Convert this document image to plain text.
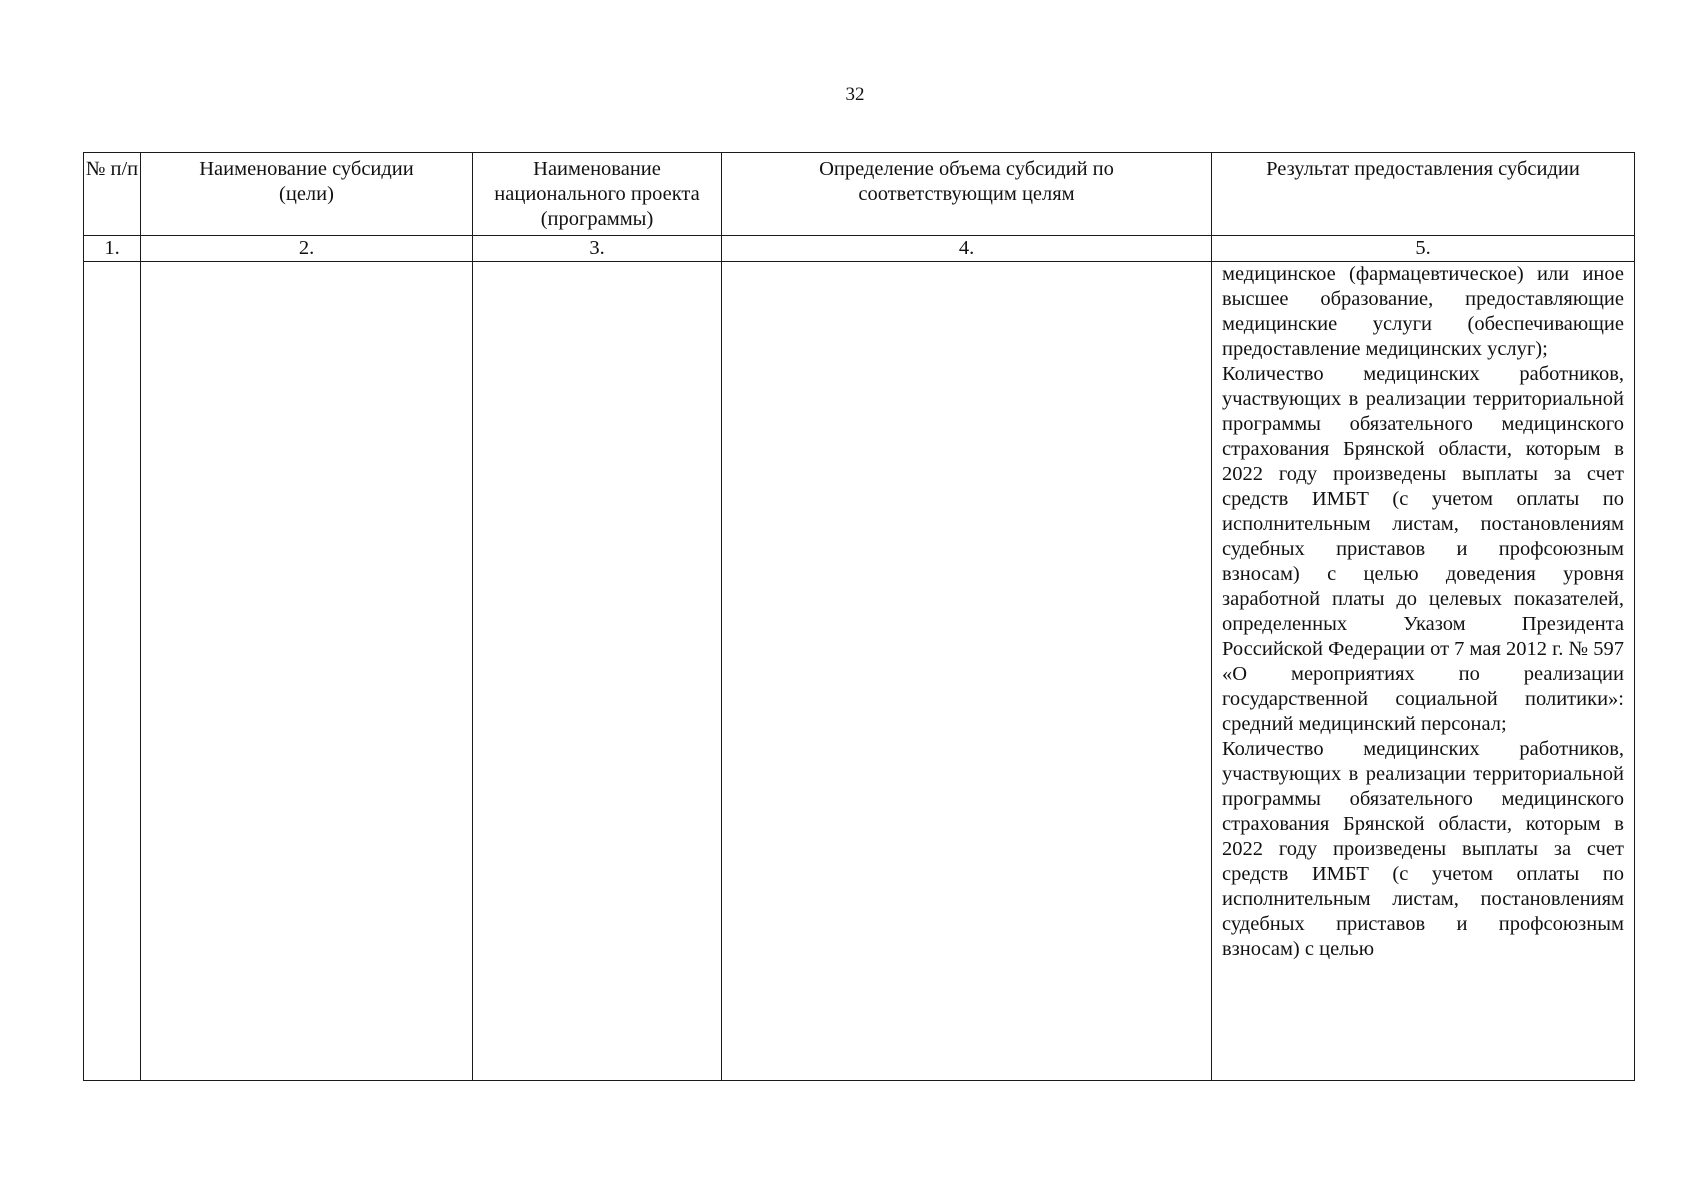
32
№ п/п	Наименование субсидии (цели)	Наименование национального проекта (программы)	Определение объема субсидий по соответствующим целям	Результат предоставления субсидии

1.	2.	3.	4.	5.

				медицинское (фармацевтическое) или иное высшее образование, предоставляющие медицинские услуги (обеспечивающие предоставление медицинских услуг);

Количество медицинских работников, участвующих в реализации территориальной программы обязательного медицинского страхования Брянской области, которым в 2022 году произведены выплаты за счет средств ИМБТ (с учетом оплаты по исполнительным листам, постановлениям судебных приставов и профсоюзным взносам) с целью доведения уровня заработной платы до целевых показателей, определенных Указом Президента Российской Федерации от 7 мая 2012 г. № 597 «О мероприятиях по реализации государственной социальной политики»: средний медицинский персонал;

Количество медицинских работников, участвующих в реализации территориальной программы обязательного медицинского страхования Брянской области, которым в 2022 году произведены выплаты за счет средств ИМБТ (с учетом оплаты по исполнительным листам, постановлениям судебных приставов и профсоюзным взносам) с целью
